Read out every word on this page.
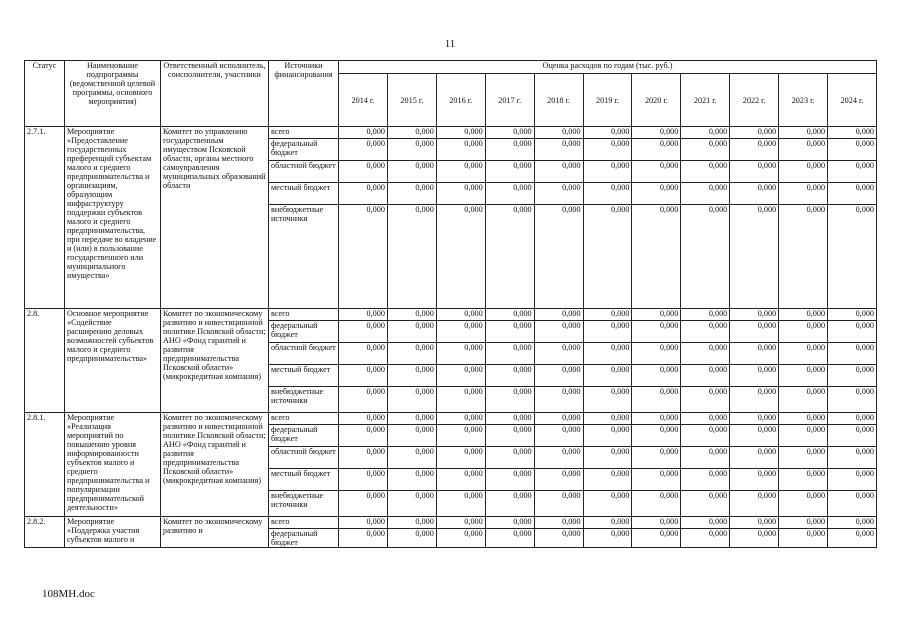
11
Статус	Наименование подпрограммы (ведомственной целевой программы, основного мероприятия)	Ответственный исполнитель, соисполнители, участники	Источники финансирования	Оценка расходов по годам (тыс. руб.)										
				2014 г.	2015 г.	2016 г.	2017 г.	2018 г.	2019 г.	2020 г.	2021 г.	2022 г.	2023 г.	2024 г.
2.7.1.	Мероприятие «Предоставление государственных преференций субъектам малого и среднего предпринимательства и организациям, образующим инфраструктуру поддержки субъектов малого и среднего предпринимательства, при передаче во владение и (или) в пользование государственного или муниципального имущества»	Комитет по управлению государственным имуществом Псковской области, органы местного самоуправления муниципальных образований области	всего	0,000	0,000	0,000	0,000	0,000	0,000	0,000	0,000	0,000	0,000	0,000
			федеральный бюджет	0,000	0,000	0,000	0,000	0,000	0,000	0,000	0,000	0,000	0,000	0,000
			областной бюджет	0,000	0,000	0,000	0,000	0,000	0,000	0,000	0,000	0,000	0,000	0,000
			местный бюджет	0,000	0,000	0,000	0,000	0,000	0,000	0,000	0,000	0,000	0,000	0,000
			внебюджетные источники	0,000	0,000	0,000	0,000	0,000	0,000	0,000	0,000	0,000	0,000	0,000
2.8.	Основное мероприятие «Содействие расширению деловых возможностей субъектов малого и среднего предпринимательства»	Комитет по экономическому развитию и инвестиционной политике Псковской области; АНО «Фонд гарантий и развития предпринимательства Псковской области» (микрокредитная компания)	всего	0,000	0,000	0,000	0,000	0,000	0,000	0,000	0,000	0,000	0,000	0,000
			федеральный бюджет	0,000	0,000	0,000	0,000	0,000	0,000	0,000	0,000	0,000	0,000	0,000
			областной бюджет	0,000	0,000	0,000	0,000	0,000	0,000	0,000	0,000	0,000	0,000	0,000
			местный бюджет	0,000	0,000	0,000	0,000	0,000	0,000	0,000	0,000	0,000	0,000	0,000
			внебюджетные источники	0,000	0,000	0,000	0,000	0,000	0,000	0,000	0,000	0,000	0,000	0,000
2.8.1.	Мероприятие «Реализация мероприятий по повышению уровня информированности субъектов малого и среднего предпринимательства и популяризации предпринимательской деятельности»	Комитет по экономическому развитию и инвестиционной политике Псковской области; АНО «Фонд гарантий и развития предпринимательства Псковской области» (микрокредитная компания)	всего	0,000	0,000	0,000	0,000	0,000	0,000	0,000	0,000	0,000	0,000	0,000
			федеральный бюджет	0,000	0,000	0,000	0,000	0,000	0,000	0,000	0,000	0,000	0,000	0,000
			областной бюджет	0,000	0,000	0,000	0,000	0,000	0,000	0,000	0,000	0,000	0,000	0,000
			местный бюджет	0,000	0,000	0,000	0,000	0,000	0,000	0,000	0,000	0,000	0,000	0,000
			внебюджетные источники	0,000	0,000	0,000	0,000	0,000	0,000	0,000	0,000	0,000	0,000	0,000
2.8.2.	Мероприятие «Поддержка участия субъектов малого и	Комитет по экономическому развитию и	всего	0,000	0,000	0,000	0,000	0,000	0,000	0,000	0,000	0,000	0,000	0,000
			федеральный бюджет	0,000	0,000	0,000	0,000	0,000	0,000	0,000	0,000	0,000	0,000	0,000
108МН.doc
